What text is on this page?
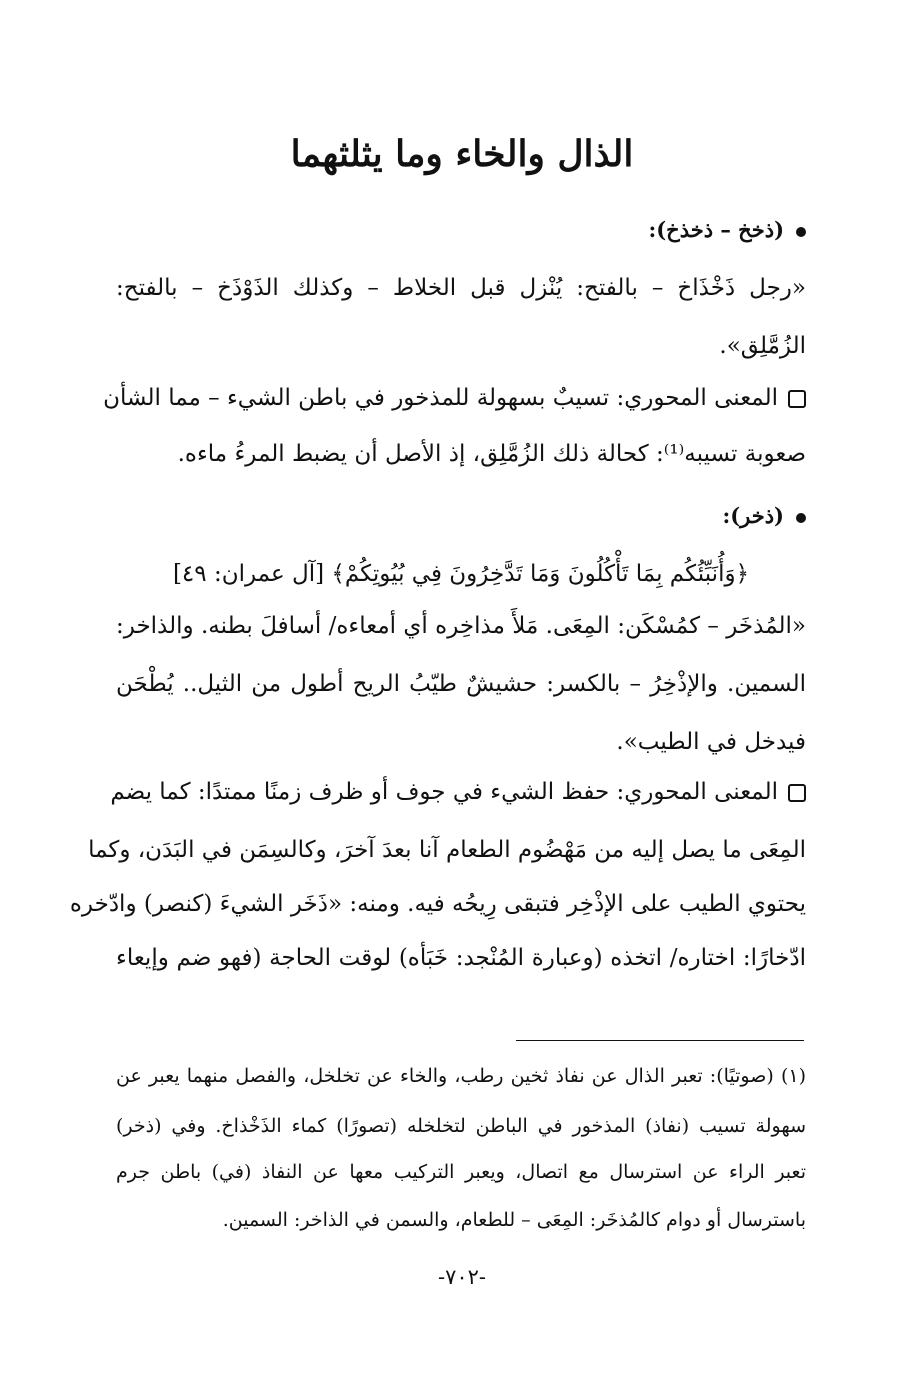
الذال والخاء وما يثلثهما
(ذخخ – ذخذخ):
«رجل ذَخْذَاخ – بالفتح: يُنْزل قبل الخلاط – وكذلك الذَوْذَخ – بالفتح:
الزُمَّلِق».
المعنى المحوري: تسيبٌ بسهولة للمذخور في باطن الشيء – مما الشأن
صعوبة تسيبه⁽¹⁾: كحالة ذلك الزُمَّلِق، إذ الأصل أن يضبط المرءُ ماءه.
(ذخر):
﴿وَأُنَبِّئُكُم بِمَا تَأْكُلُونَ وَمَا تَدَّخِرُونَ فِي بُيُوتِكُمْ﴾ [آل عمران: ٤٩]
«المُذخَر – كمُسْكَن: المِعَى. مَلأَ مذاخِره أي أمعاءه/ أسافلَ بطنه. والذاخر:
السمين. والإذْخِرُ – بالكسر: حشيشٌ طيّبُ الريح أطول من الثيل.. يُطْحَن
فيدخل في الطيب».
المعنى المحوري: حفظ الشيء في جوف أو ظرف زمنًا ممتدًا: كما يضم
المِعَى ما يصل إليه من مَهْضُوم الطعام آنا بعدَ آخرَ، وكالسِمَن في البَدَن، وكما
يحتوي الطيب على الإذْخِر فتبقى رِيحُه فيه. ومنه: «ذَخَر الشيءَ (كنصر) وادّخره
ادّخارًا: اختاره/ اتخذه (وعبارة المُنْجد: خَبَأه) لوقت الحاجة (فهو ضم وإيعاء
(١) (صوتيًا): تعبر الذال عن نفاذ ثخين رطب، والخاء عن تخلخل، والفصل منهما يعبر عن
سهولة تسيب (نفاذ) المذخور في الباطن لتخلخله (تصورًا) كماء الذَخْذاخ. وفي (ذخر)
تعبر الراء عن استرسال مع اتصال، ويعبر التركيب معها عن النفاذ (في) باطن جرم
باسترسال أو دوام كالمُذخَر: المِعَى – للطعام، والسمن في الذاخر: السمين.
-٧٠٢-
